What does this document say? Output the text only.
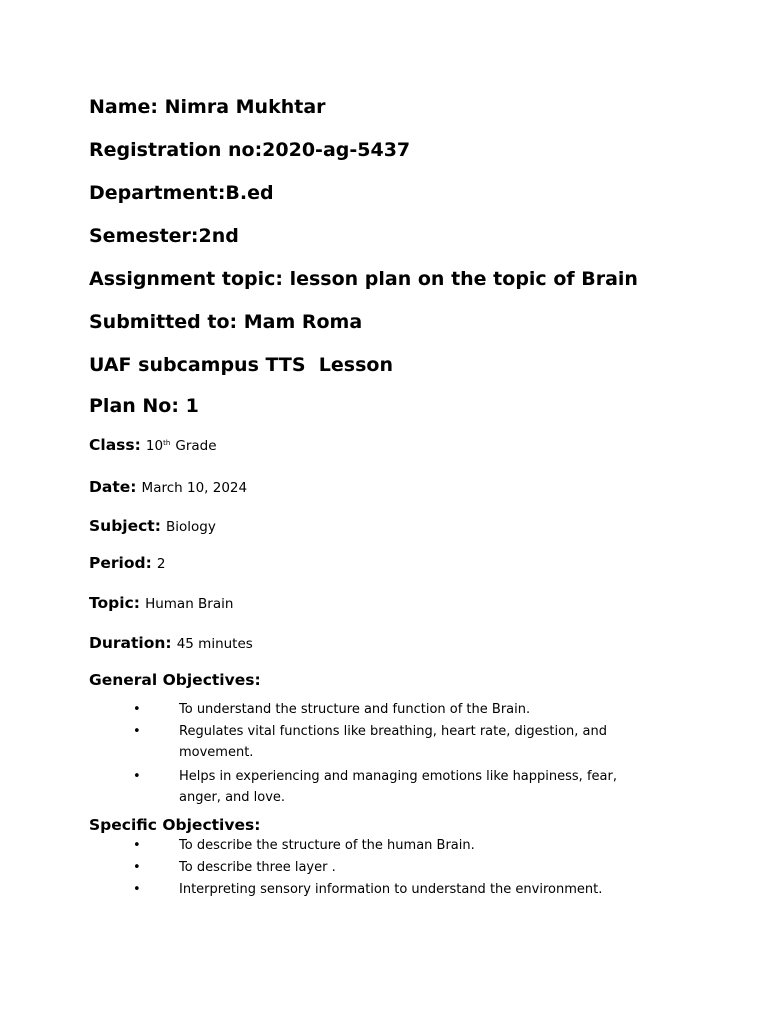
Name: Nimra Mukhtar
Registration no:2020-ag-5437
Department:B.ed
Semester:2nd
Assignment topic: lesson plan on the topic of Brain
Submitted to: Mam Roma
UAF subcampus TTS  Lesson
Plan No: 1
Class: 10th Grade
Date: March 10, 2024
Subject: Biology
Period: 2
Topic: Human Brain
Duration: 45 minutes
General Objectives:
•	To understand the structure and function of the Brain.
•	Regulates vital functions like breathing, heart rate, digestion, and movement.
•	Helps in experiencing and managing emotions like happiness, fear, anger, and love.
Specific Objectives:
•	To describe the structure of the human Brain.
•	To describe three layer .
•	Interpreting sensory information to understand the environment.
